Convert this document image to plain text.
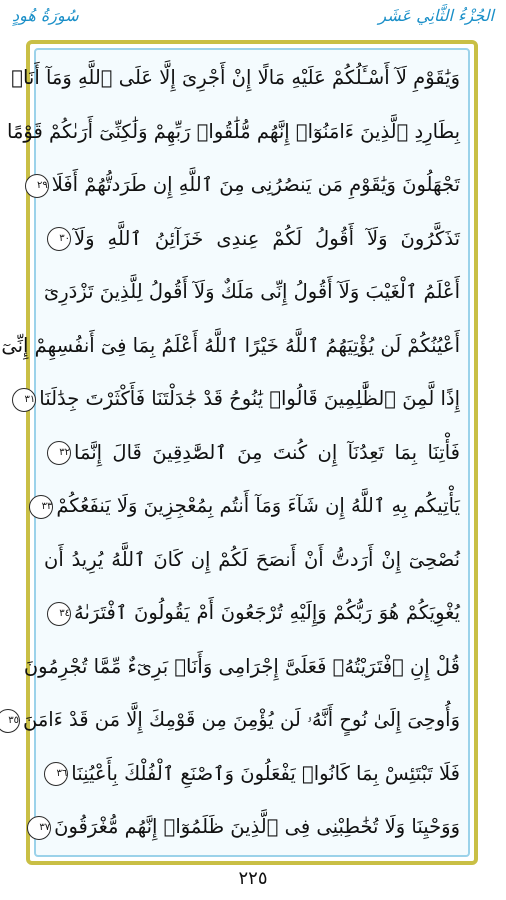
سُورَةُ هُودٍ	الجُزْءُ الثَّانِي عَشَر
وَيَٰقَوْمِ لَآ أَسْـَٔلُكُمْ عَلَيْهِ مَالًا إِنْ أَجْرِىَ إِلَّا عَلَى ٱللَّهِ وَمَآ أَنَا۠
بِطَارِدِ ٱلَّذِينَ ءَامَنُوٓا۟ إِنَّهُم مُّلَٰقُوا۟ رَبِّهِمْ وَلَٰكِنِّىٓ أَرَىٰكُمْ قَوْمًا
تَجْهَلُونَ وَيَٰقَوْمِ مَن يَنصُرُنِى مِنَ ٱللَّهِ إِن طَرَدتُّهُمْ أَفَلَا٢٩
تَذَكَّرُونَ وَلَآ أَقُولُ لَكُمْ عِندِى خَزَآئِنُ ٱللَّهِ وَلَآ٣٠
أَعْلَمُ ٱلْغَيْبَ وَلَآ أَقُولُ إِنِّى مَلَكٌ وَلَآ أَقُولُ لِلَّذِينَ تَزْدَرِىٓ
أَعْيُنُكُمْ لَن يُؤْتِيَهُمُ ٱللَّهُ خَيْرًا ٱللَّهُ أَعْلَمُ بِمَا فِىٓ أَنفُسِهِمْ إِنِّىٓ
إِذًا لَّمِنَ ٱلظَّٰلِمِينَ قَالُوا۟ يَٰنُوحُ قَدْ جَٰدَلْتَنَا فَأَكْثَرْتَ جِدَٰلَنَا٣١
فَأْتِنَا بِمَا تَعِدُنَآ إِن كُنتَ مِنَ ٱلصَّٰدِقِينَ قَالَ إِنَّمَا٣٢
يَأْتِيكُم بِهِ ٱللَّهُ إِن شَآءَ وَمَآ أَنتُم بِمُعْجِزِينَ وَلَا يَنفَعُكُمْ٣٣
نُصْحِىٓ إِنْ أَرَدتُّ أَنْ أَنصَحَ لَكُمْ إِن كَانَ ٱللَّهُ يُرِيدُ أَن
يُغْوِيَكُمْ هُوَ رَبُّكُمْ وَإِلَيْهِ تُرْجَعُونَ أَمْ يَقُولُونَ ٱفْتَرَىٰهُ٣٤
قُلْ إِنِ ٱفْتَرَيْتُهُۥ فَعَلَىَّ إِجْرَامِى وَأَنَا۠ بَرِىٓءٌ مِّمَّا تُجْرِمُونَ
وَأُوحِىَ إِلَىٰ نُوحٍ أَنَّهُۥ لَن يُؤْمِنَ مِن قَوْمِكَ إِلَّا مَن قَدْ ءَامَنَ٣٥
فَلَا تَبْتَئِسْ بِمَا كَانُوا۟ يَفْعَلُونَ وَٱصْنَعِ ٱلْفُلْكَ بِأَعْيُنِنَا٣٦
وَوَحْيِنَا وَلَا تُخَٰطِبْنِى فِى ٱلَّذِينَ ظَلَمُوٓا۟ إِنَّهُم مُّغْرَقُونَ٣٧
٢٢٥
